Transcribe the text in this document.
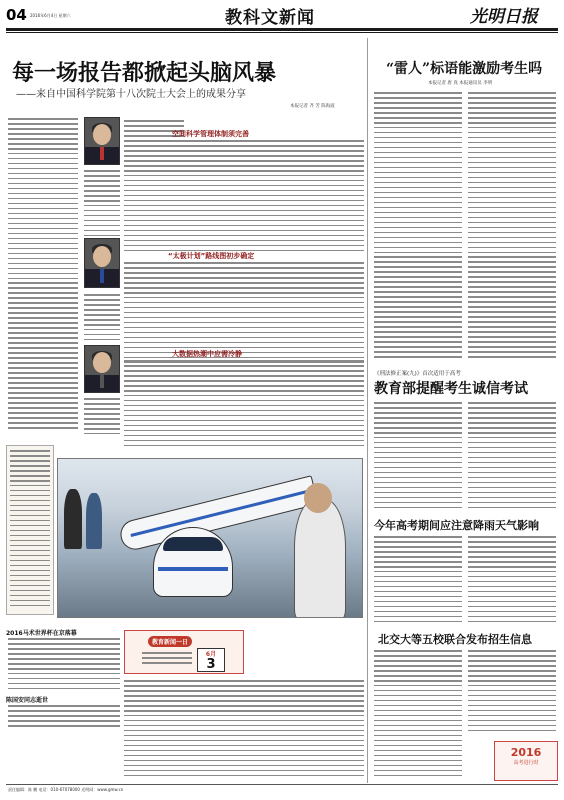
04 2016年6月4日 星期六	教科文新闻	光明日报
每一场报告都掀起头脑风暴
——来自中国科学院第十八次院士大会上的成果分享
本报记者 齐 芳 陈海波
空间科学管理体制须完善
“太极计划”路线图初步确定
大数据热潮中应需冷静
2016马术世界杯在京落幕
陈国安同志逝世
教育新闻一日
6月
3
“雷人”标语能激励考生吗
本报记者 唐 真 本报通讯员 李明
《刑法修正案(九)》首次适用于高考
教育部提醒考生诚信考试
今年高考期间应注意降雨天气影响
北交大等五校联合发布招生信息
2016
高考进行时
责任编辑：陈 鹏 电话：010-67078000 光明网：www.gmw.cn
